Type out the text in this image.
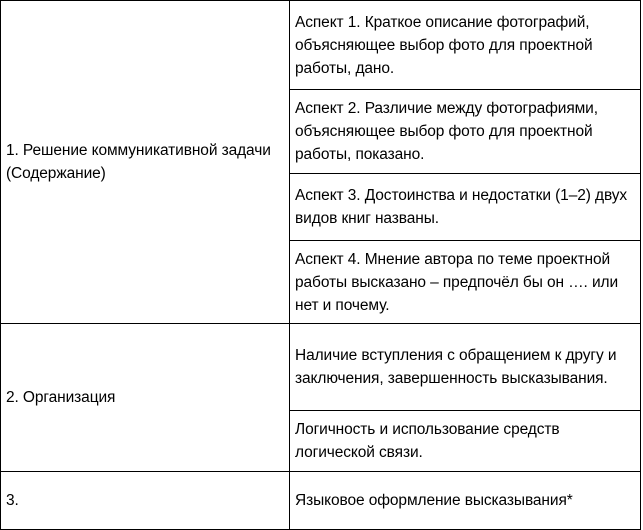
1. Решение коммуникативной задачи (Содержание)	Аспект 1. Краткое описание фотографий, объясняющее выбор фото для проектной работы, дано.

	Аспект 2. Различие между фотографиями, объясняющее выбор фото для проектной работы, показано.

	Аспект 3. Достоинства и недостатки (1–2) двух видов книг названы.

	Аспект 4. Мнение автора по теме проектной работы высказано – предпочёл бы он …. или нет и почему.

2. Организация	Наличие вступления с обращением к другу и заключения, завершенность высказывания.

	Логичность и использование средств логической связи.

3.	Языковое оформление высказывания*
